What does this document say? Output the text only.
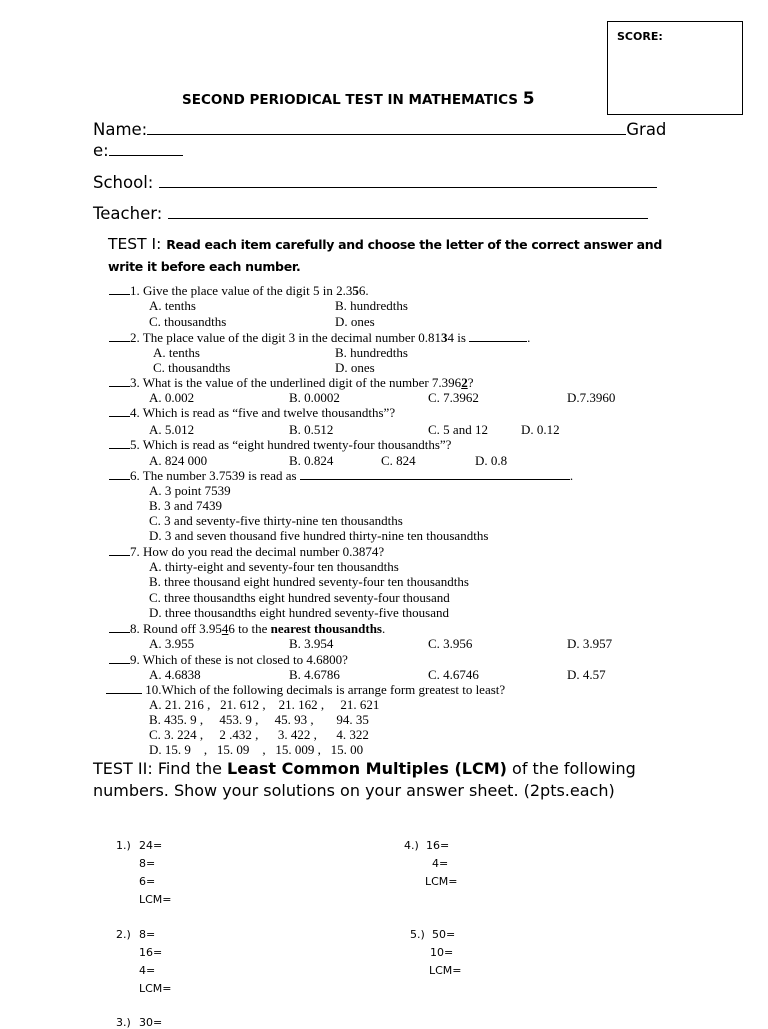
SCORE:
SECOND PERIODICAL TEST IN MATHEMATICS 5
Name:	Grad
e:
School:
Teacher:
TEST I: Read each item carefully and choose the letter of the correct answer and write it before each number.
1. Give the place value of the digit 5 in 2.356.
A. tenths	B. hundredths
C. thousandths	D. ones
2. The place value of the digit 3 in the decimal number 0.8134 is	.
A. tenths	B. hundredths
C. thousandths	D. ones
3. What is the value of the underlined digit of the number 7.3962?
A. 0.002	B. 0.0002	C. 7.3962	D.7.3960
4. Which is read as “five and twelve thousandths”?
A. 5.012	B. 0.512	C. 5 and 12	D. 0.12
5. Which is read as “eight hundred twenty-four thousandths”?
A. 824 000	B. 0.824	C. 824	D. 0.8
6. The number 3.7539 is read as	.
A. 3 point 7539
B. 3 and 7439
C. 3 and seventy-five thirty-nine ten thousandths
D. 3 and seven thousand five hundred thirty-nine ten thousandths
7. How do you read the decimal number 0.3874?
A. thirty-eight and seventy-four ten thousandths
B. three thousand eight hundred seventy-four ten thousandths
C. three thousandths eight hundred seventy-four thousand
D. three thousandths eight hundred seventy-five thousand
8. Round off 3.9546 to the nearest thousandths.
A. 3.955	B. 3.954	C. 3.956	D. 3.957
9. Which of these is not closed to 4.6800?
A. 4.6838	B. 4.6786	C. 4.6746	D. 4.57
10.Which of the following decimals is arrange form greatest to least?
A. 21. 216 ,   21. 612 ,    21. 162 ,     21. 621
B. 435. 9 ,     453. 9 ,     45. 93 ,       94. 35
C. 3. 224 ,     2 .432 ,      3. 422 ,      4. 322
D. 15. 9    ,   15. 09    ,   15. 009 ,   15. 00
TEST II: Find the Least Common Multiples (LCM) of the following numbers. Show your solutions on your answer sheet. (2pts.each)
1.) 24=
8=
6=
LCM=
2.) 8=
16=
4=
LCM=
3.) 30=
4.) 16=
4=
LCM=
5.) 50=
10=
LCM=
